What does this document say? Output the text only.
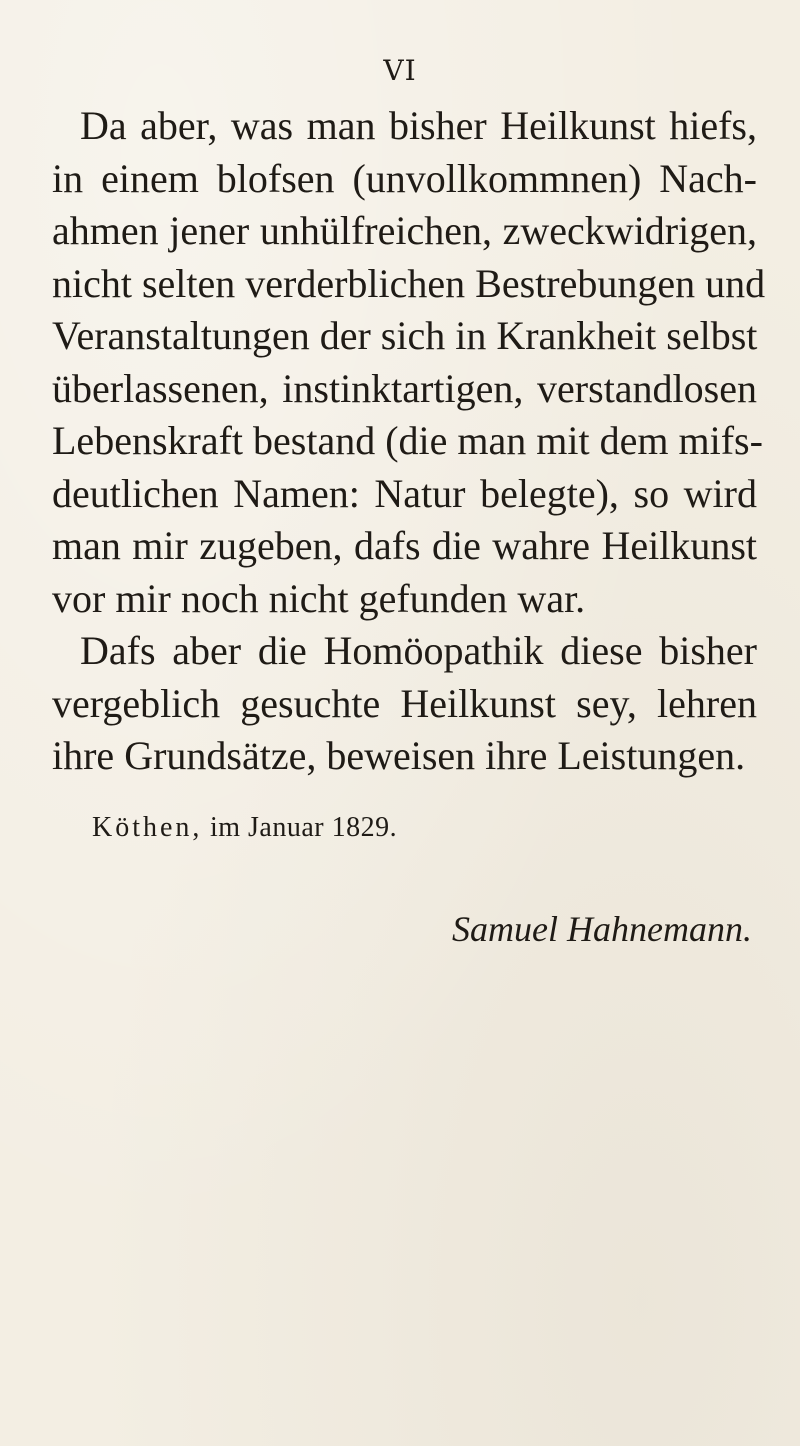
VI
Da aber, was man bisher Heilkunst hiefs,
in einem blofsen (unvollkommnen) Nach-
ahmen jener unhülfreichen, zweckwidrigen,
nicht selten verderblichen Bestrebungen und
Veranstaltungen der sich in Krankheit selbst
überlassenen, instinktartigen, verstandlosen
Lebenskraft bestand (die man mit dem mifs-
deutlichen Namen: Natur belegte), so wird
man mir zugeben, dafs die wahre Heilkunst
vor mir noch nicht gefunden war.
Dafs aber die Homöopathik diese bisher
vergeblich gesuchte Heilkunst sey, lehren
ihre Grundsätze, beweisen ihre Leistungen.
Köthen, im Januar 1829.
Samuel Hahnemann.
